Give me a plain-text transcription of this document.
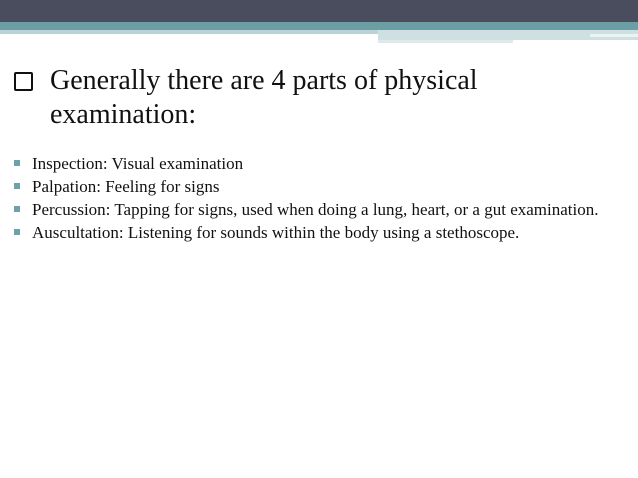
Generally there are 4 parts of physical examination:
Inspection: Visual examination
Palpation: Feeling for signs
Percussion: Tapping for signs, used when doing a lung, heart, or a gut examination.
Auscultation: Listening for sounds within the body using a stethoscope.
